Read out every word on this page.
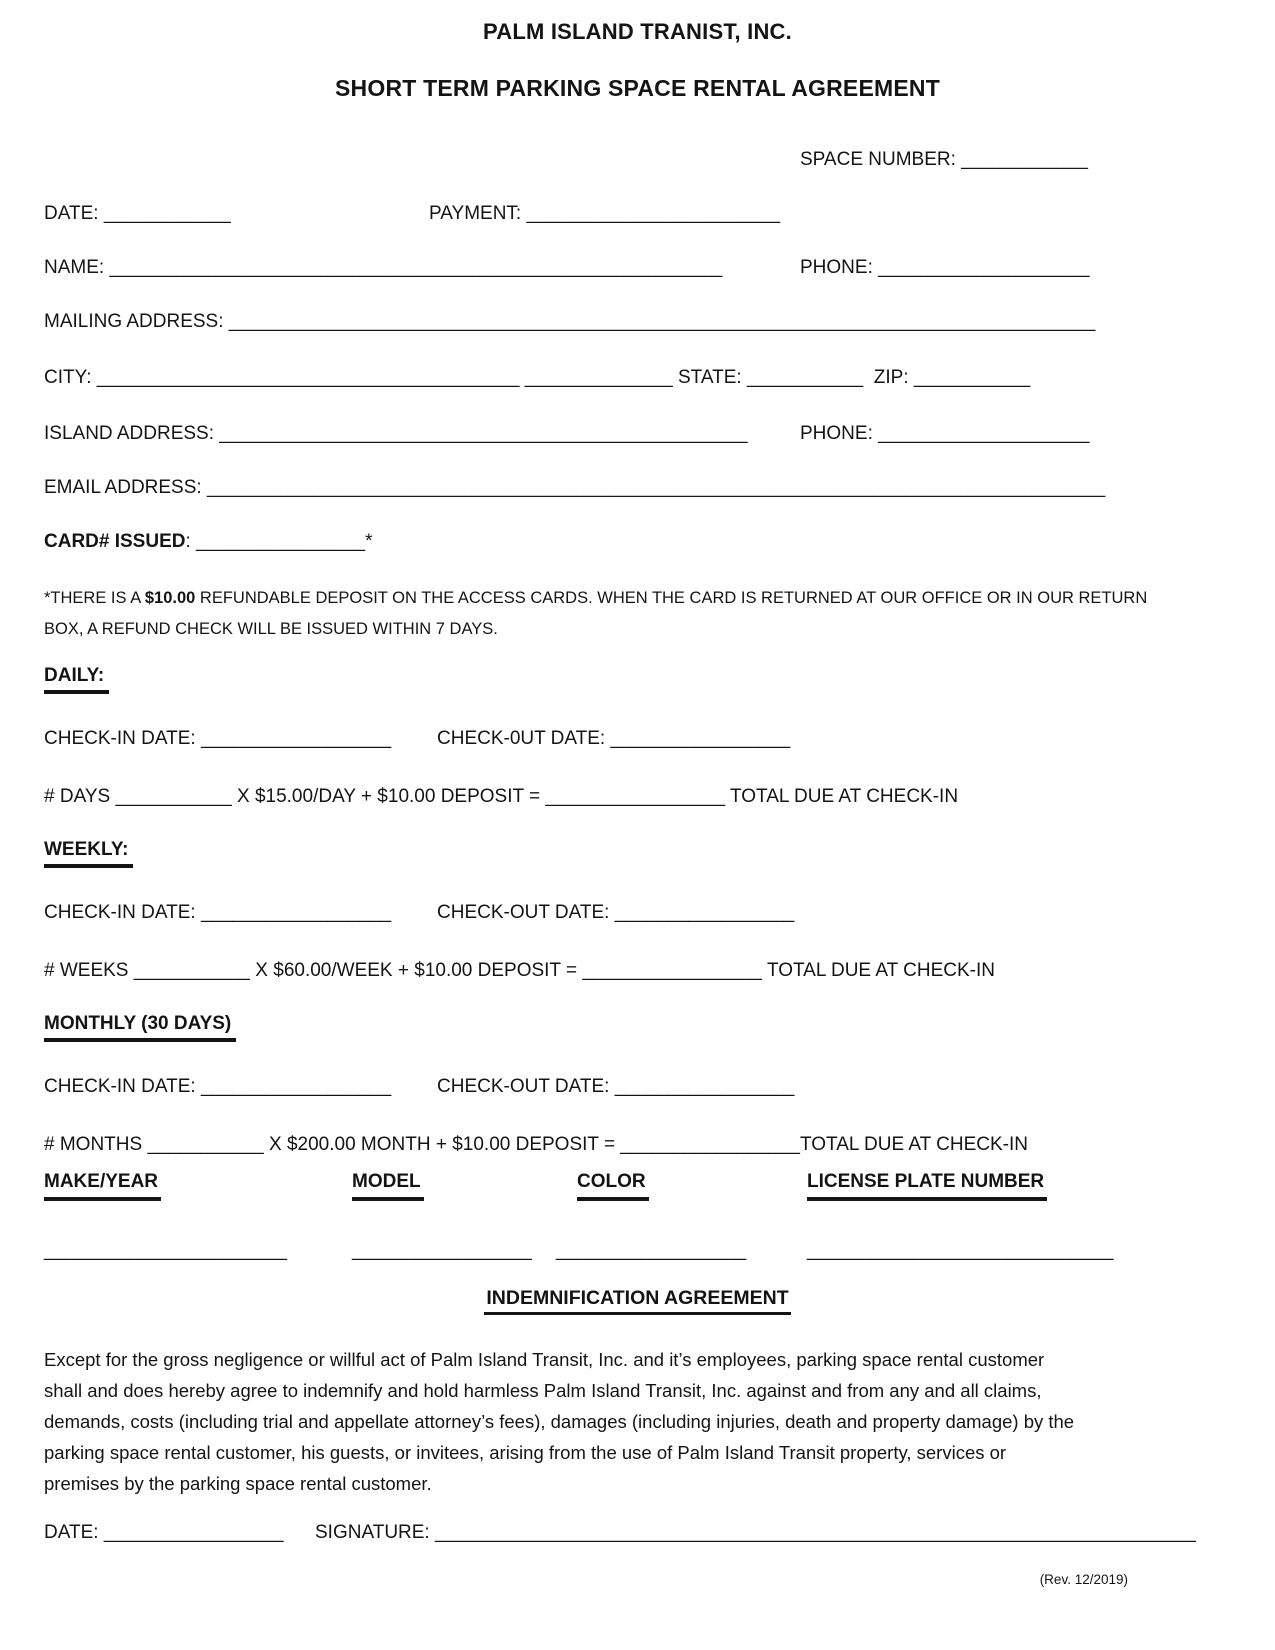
PALM ISLAND TRANIST, INC.
SHORT TERM PARKING SPACE RENTAL AGREEMENT
SPACE NUMBER: ____________
DATE: ____________	PAYMENT: ________________________
NAME: __________________________________________________________	PHONE: ____________________
MAILING ADDRESS: __________________________________________________________________________________
CITY: ________________________________________ ______________ STATE: ___________ ZIP: ___________
ISLAND ADDRESS: __________________________________________________	PHONE: ____________________
EMAIL ADDRESS: _____________________________________________________________________________________
CARD# ISSUED: ________________*
*THERE IS A $10.00 REFUNDABLE DEPOSIT ON THE ACCESS CARDS. WHEN THE CARD IS RETURNED AT OUR OFFICE OR IN OUR RETURN
BOX, A REFUND CHECK WILL BE ISSUED WITHIN 7 DAYS.
DAILY:
CHECK-IN DATE: __________________ CHECK-0UT DATE: _________________
# DAYS ___________ X $15.00/DAY + $10.00 DEPOSIT = _________________ TOTAL DUE AT CHECK-IN
WEEKLY:
CHECK-IN DATE: __________________ CHECK-OUT DATE: _________________
# WEEKS ___________ X $60.00/WEEK + $10.00 DEPOSIT = _________________ TOTAL DUE AT CHECK-IN
MONTHLY (30 DAYS)
CHECK-IN DATE: __________________ CHECK-OUT DATE: _________________
# MONTHS ___________ X $200.00 MONTH + $10.00 DEPOSIT = _________________TOTAL DUE AT CHECK-IN
MAKE/YEAR	MODEL	COLOR	LICENSE PLATE NUMBER
_______________________	_________________ __________________	_____________________________
INDEMNIFICATION AGREEMENT
Except for the gross negligence or willful act of Palm Island Transit, Inc. and it’s employees, parking space rental customer
shall and does hereby agree to indemnify and hold harmless Palm Island Transit, Inc. against and from any and all claims,
demands, costs (including trial and appellate attorney’s fees), damages (including injuries, death and property damage) by the
parking space rental customer, his guests, or invitees, arising from the use of Palm Island Transit property, services or
premises by the parking space rental customer.
DATE: _________________ SIGNATURE: ________________________________________________________________________
(Rev. 12/2019)
